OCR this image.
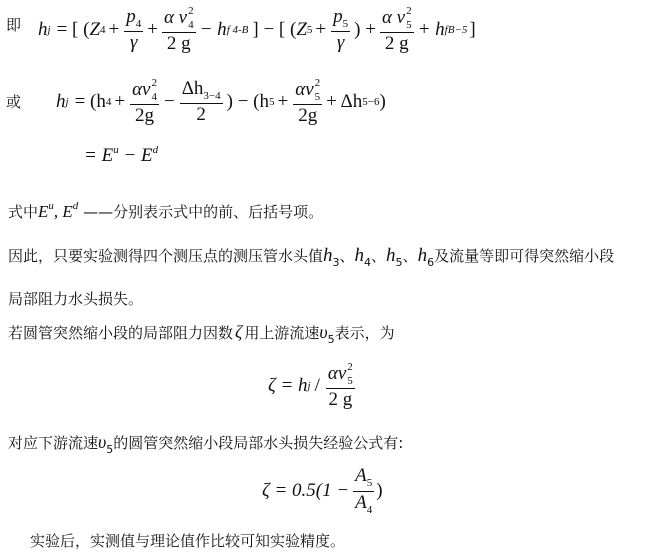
即 h j = [ ( Z $4 + \frac{p_4}{\gamma} + \alpha$ v 2
4
2 g − h f 4-B ] − [ ( Z $5 + \frac{p_5}{\gamma}$ ) + α v 2
5
2 g + h fB−5 ]
或 h j = (h 4 + αv 2
4
$2g - \frac{\Delta h_{3-4}}{2}$ ) − (h 5 + αv 2
5
2g + Δh 5−6 )
= $E^u - E^d$
式中$E^u$, $E^d$ ——分别表示式中的前、后括号项。
因此，只要实验测得四个测压点的测压管水头值$h_3$、$h_4$、$h_5$、$h_6$及流量等即可得突然缩小段
局部阻力水头损失。
若圆管突然缩小段的局部阻力因数 ζ 用上游流速$\upsilon_5$表示，为
ζ = h j / αv 2
5
2 g
对应下游流速$\upsilon_5$的圆管突然缩小段局部水头损失经验公式有:
$\zeta = 0.5(1 - \frac{A_5}{A_4}$ )
实验后，实测值与理论值作比较可知实验精度。
